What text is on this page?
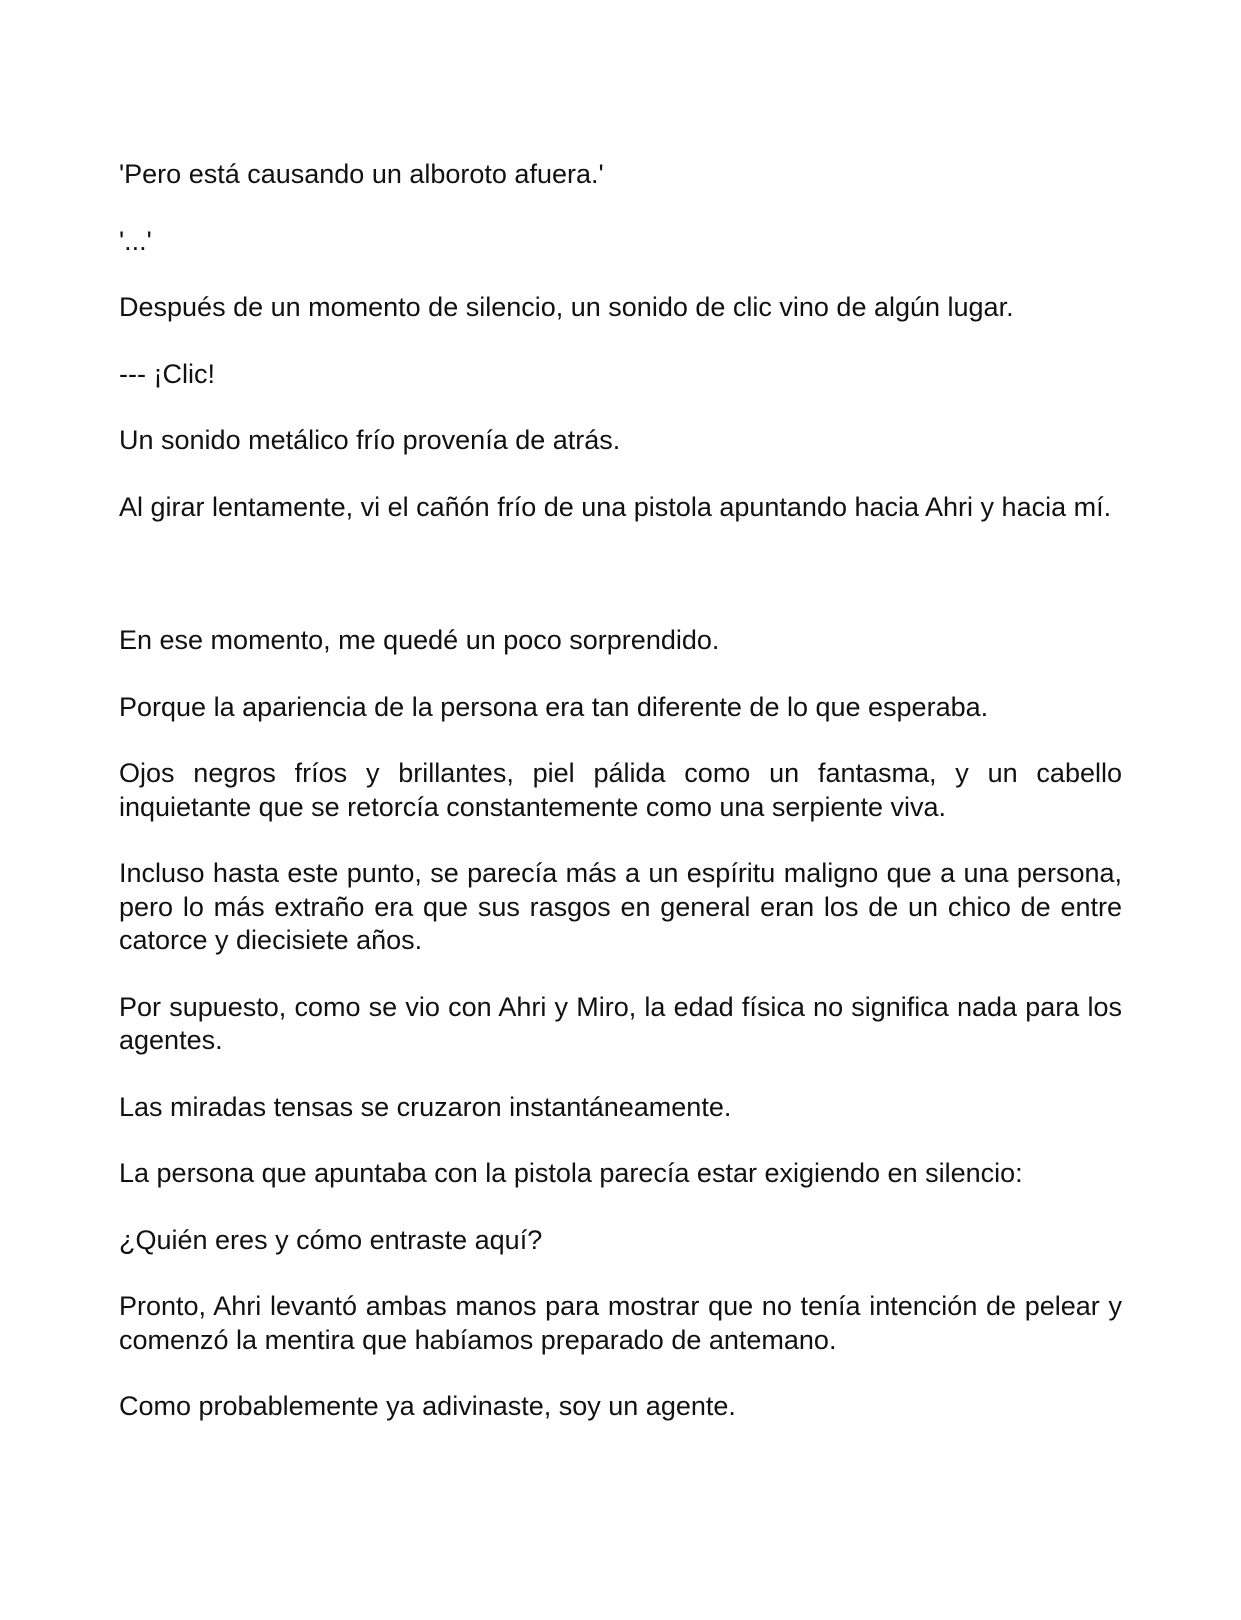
'Pero está causando un alboroto afuera.'

'...'

Después de un momento de silencio, un sonido de clic vino de algún lugar.

--- ¡Clic!

Un sonido metálico frío provenía de atrás.

Al girar lentamente, vi el cañón frío de una pistola apuntando hacia Ahri y hacia mí.

En ese momento, me quedé un poco sorprendido.

Porque la apariencia de la persona era tan diferente de lo que esperaba.

Ojos negros fríos y brillantes, piel pálida como un fantasma, y un cabello inquietante que se retorcía constantemente como una serpiente viva.

Incluso hasta este punto, se parecía más a un espíritu maligno que a una persona, pero lo más extraño era que sus rasgos en general eran los de un chico de entre catorce y diecisiete años.

Por supuesto, como se vio con Ahri y Miro, la edad física no significa nada para los agentes.

Las miradas tensas se cruzaron instantáneamente.

La persona que apuntaba con la pistola parecía estar exigiendo en silencio:

¿Quién eres y cómo entraste aquí?

Pronto, Ahri levantó ambas manos para mostrar que no tenía intención de pelear y comenzó la mentira que habíamos preparado de antemano.

Como probablemente ya adivinaste, soy un agente.
